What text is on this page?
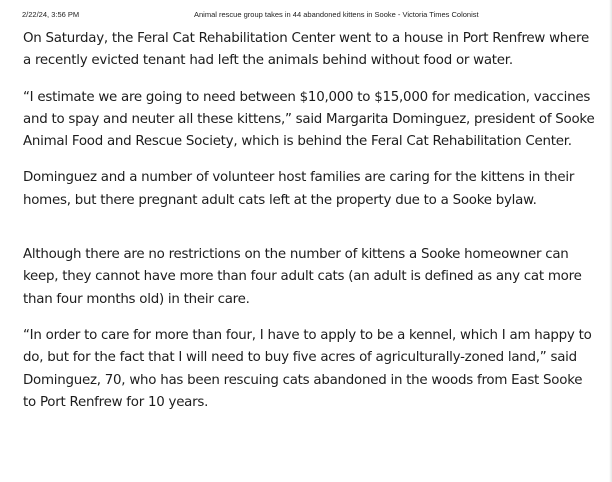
2/22/24, 3:56 PM	Animal rescue group takes in 44 abandoned kittens in Sooke - Victoria Times Colonist

On Saturday, the Feral Cat Rehabilitation Center went to a house in Port Renfrew where a recently evicted tenant had left the animals behind without food or water.

“I estimate we are going to need between $10,000 to $15,000 for medication, vaccines and to spay and neuter all these kittens,” said Margarita Dominguez, president of Sooke Animal Food and Rescue Society, which is behind the Feral Cat Rehabilitation Center.

Dominguez and a number of volunteer host families are caring for the kittens in their homes, but there pregnant adult cats left at the property due to a Sooke bylaw.

Although there are no restrictions on the number of kittens a Sooke homeowner can keep, they cannot have more than four adult cats (an adult is defined as any cat more than four months old) in their care.

“In order to care for more than four, I have to apply to be a kennel, which I am happy to do, but for the fact that I will need to buy five acres of agriculturally-zoned land,” said Dominguez, 70, who has been rescuing cats abandoned in the woods from East Sooke to Port Renfrew for 10 years.
